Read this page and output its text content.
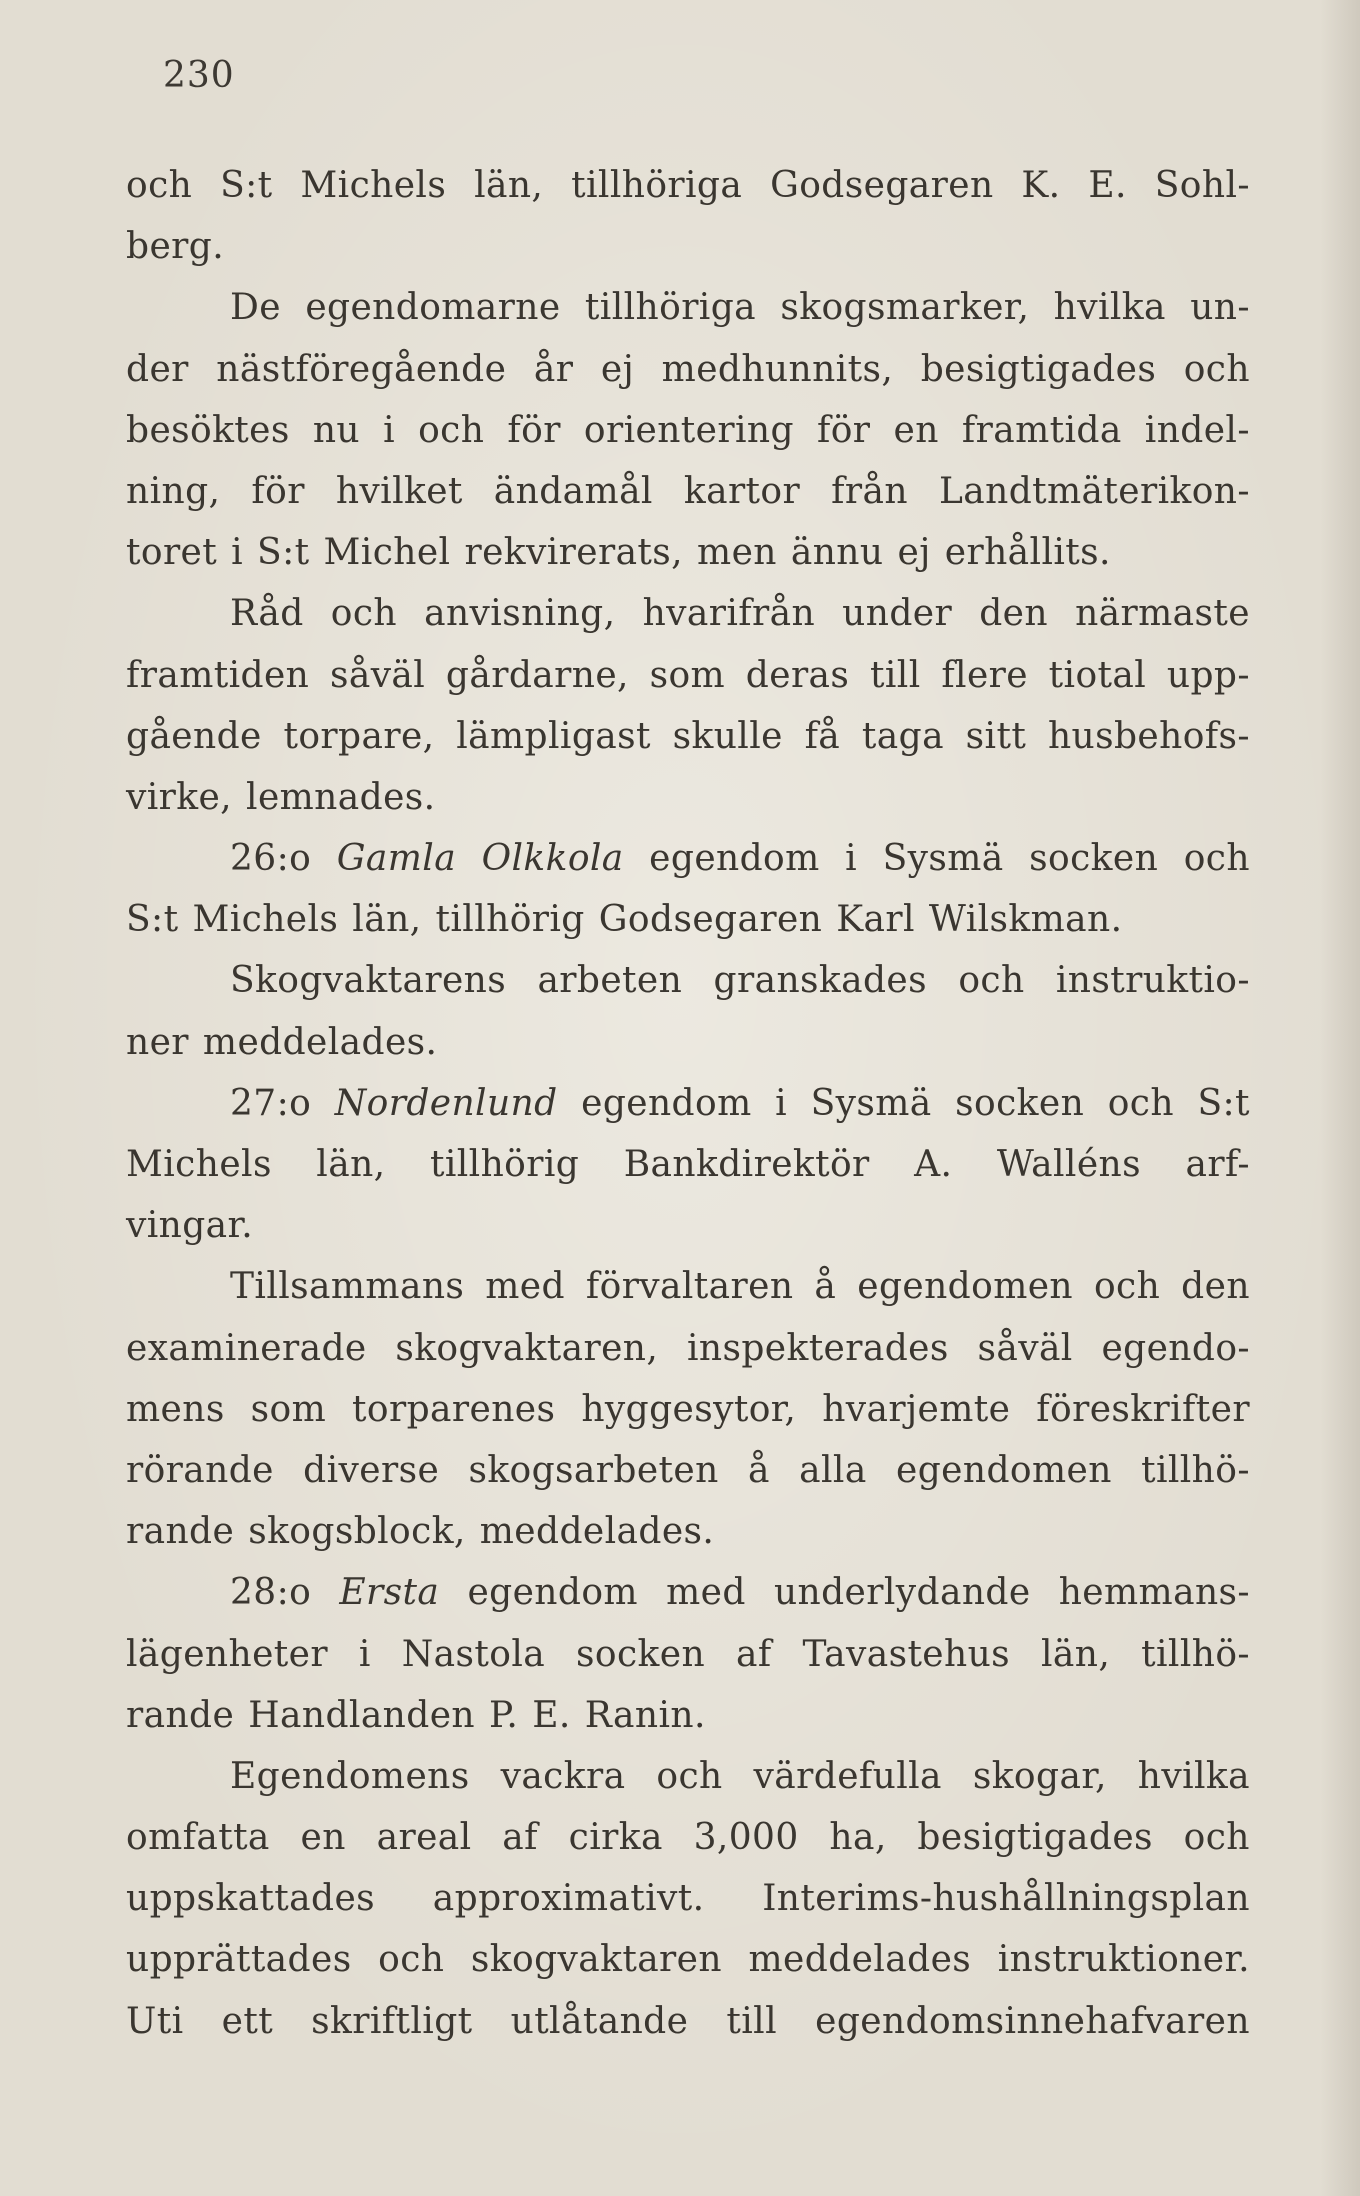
230
och S:t Michels län, tillhöriga Godsegaren K. E. Sohl-
berg.
De egendomarne tillhöriga skogsmarker, hvilka un-
der nästföregående år ej medhunnits, besigtigades och
besöktes nu i och för orientering för en framtida indel-
ning, för hvilket ändamål kartor från Landtmäterikon-
toret i S:t Michel rekvirerats, men ännu ej erhållits.
Råd och anvisning, hvarifrån under den närmaste
framtiden såväl gårdarne, som deras till flere tiotal upp-
gående torpare, lämpligast skulle få taga sitt husbehofs-
virke, lemnades.
26:o Gamla Olkkola egendom i Sysmä socken och
S:t Michels län, tillhörig Godsegaren Karl Wilskman.
Skogvaktarens arbeten granskades och instruktio-
ner meddelades.
27:o Nordenlund egendom i Sysmä socken och S:t
Michels län, tillhörig Bankdirektör A. Walléns arf-
vingar.
Tillsammans med förvaltaren å egendomen och den
examinerade skogvaktaren, inspekterades såväl egendo-
mens som torparenes hyggesytor, hvarjemte föreskrifter
rörande diverse skogsarbeten å alla egendomen tillhö-
rande skogsblock, meddelades.
28:o Ersta egendom med underlydande hemmans-
lägenheter i Nastola socken af Tavastehus län, tillhö-
rande Handlanden P. E. Ranin.
Egendomens vackra och värdefulla skogar, hvilka
omfatta en areal af cirka 3,000 ha, besigtigades och
uppskattades approximativt. Interims-hushållningsplan
upprättades och skogvaktaren meddelades instruktioner.
Uti ett skriftligt utlåtande till egendomsinnehafvaren
